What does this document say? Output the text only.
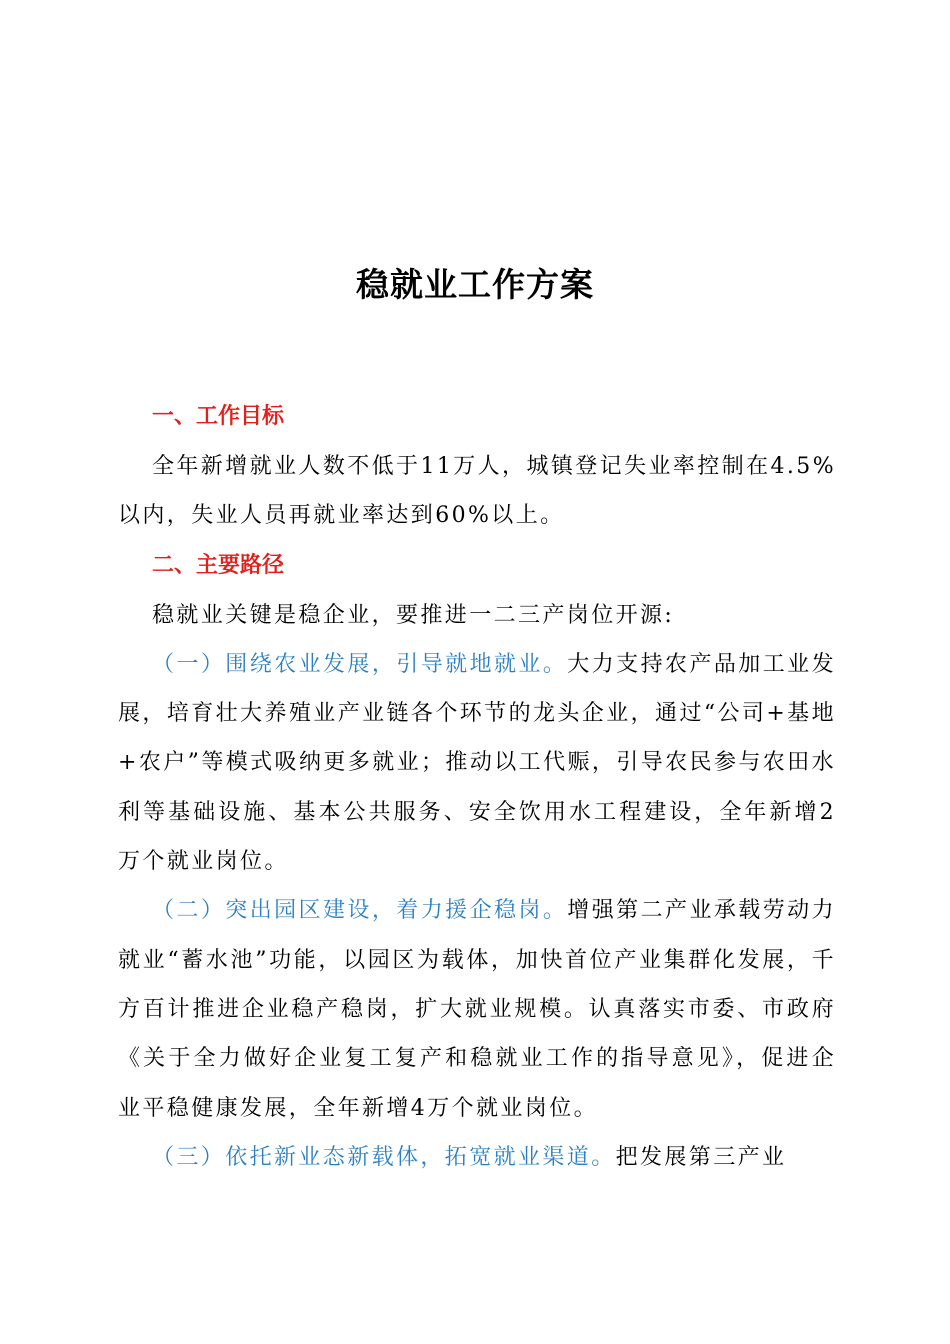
稳就业工作方案

一、工作目标

全年新增就业人数不低于11万人，城镇登记失业率控制在4.5%以内，失业人员再就业率达到60%以上。

二、主要路径

稳就业关键是稳企业，要推进一二三产岗位开源:

（一）围绕农业发展，引导就地就业。大力支持农产品加工业发展，培育壮大养殖业产业链各个环节的龙头企业，通过“公司+基地+农户”等模式吸纳更多就业；推动以工代赈，引导农民参与农田水利等基础设施、基本公共服务、安全饮用水工程建设，全年新增2万个就业岗位。

（二）突出园区建设，着力援企稳岗。增强第二产业承载劳动力就业“蓄水池”功能，以园区为载体，加快首位产业集群化发展，千方百计推进企业稳产稳岗，扩大就业规模。认真落实市委、市政府《关于全力做好企业复工复产和稳就业工作的指导意见》，促进企业平稳健康发展，全年新增4万个就业岗位。

（三）依托新业态新载体，拓宽就业渠道。把发展第三产业
